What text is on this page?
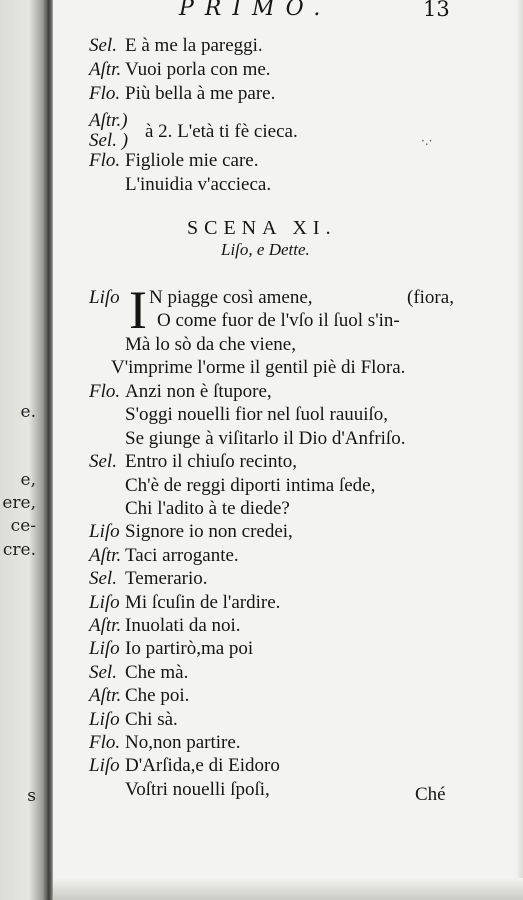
e.
e,
ere,
ce-
cre.
s
PRIMO.	13
Sel. E à me la pareggi.
Aſtr. Vuoi porla con me.
Flo. Più bella à me pare.
Aſtr.)
Sel. ) à 2. L'età ti fè cieca.	·.·
Flo. Figliole mie care.
L'inuidia v'accieca.
SCENA XI.
Liſo, e Dette.
Liſo I N piagge così amene,	(fiora,
O come fuor de l'vſo il ſuol s'in-
Mà lo sò da che viene,
V'imprime l'orme il gentil piè di Flora.
Flo. Anzi non è ſtupore,
S'oggi nouelli fior nel ſuol rauuiſo,
Se giunge à viſitarlo il Dio d'Anfriſo.
Sel. Entro il chiuſo recinto,
Ch'è de reggi diporti intima ſede,
Chi l'adito à te diede?
Liſo Signore io non credei,
Aſtr. Taci arrogante.
Sel. Temerario.
Liſo Mi ſcuſin de l'ardire.
Aſtr. Inuolati da noi.
Liſo Io partirò,ma poi
Sel. Che mà.
Aſtr. Che poi.
Liſo Chi sà.
Flo. No,non partire.
Liſo D'Arſida,e di Eidoro
Voſtri nouelli ſpoſi,	Ché
